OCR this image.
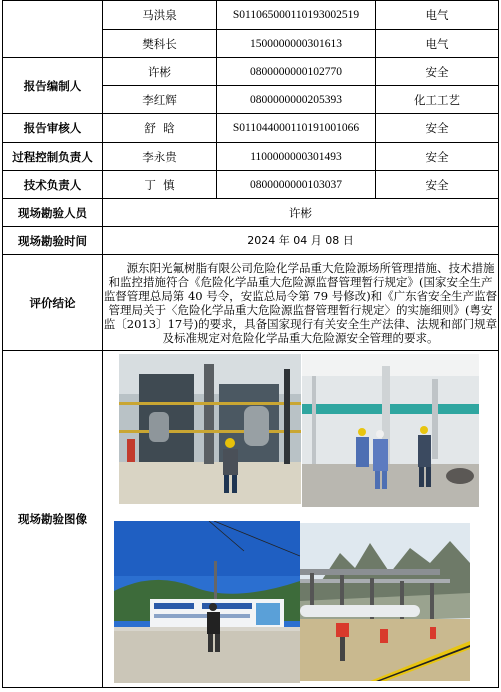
	马洪泉	S011065000110193002519	电气
	樊科长	1500000000301613	电气
报告编制人	许彬	0800000000102770	安全
	李红辉	0800000000205393	化工工艺
报告审核人	舒  晗	S011044000110191001066	安全
过程控制负责人	李永贵	1100000000301493	安全
技术负责人	丁  慎	0800000000103037	安全
现场勘验人员	许彬		
现场勘验时间	2024 年 04 月 08 日		
评价结论	源东阳光氟树脂有限公司危险化学品重大危险源场所管理措施、技术措施和监控措施符合《危险化学品重大危险源监督管理暂行规定》(国家安全生产监督管理总局第 40 号令，安监总局令第 79 号修改)和《广东省安全生产监督管理局关于〈危险化学品重大危险源监督管理暂行规定〉的实施细则》(粤安监〔2013〕17号)的要求，具备国家现行有关安全生产法律、法规和部门规章及标准规定对危险化学品重大危险源安全管理的要求。		
现场勘验图像	
